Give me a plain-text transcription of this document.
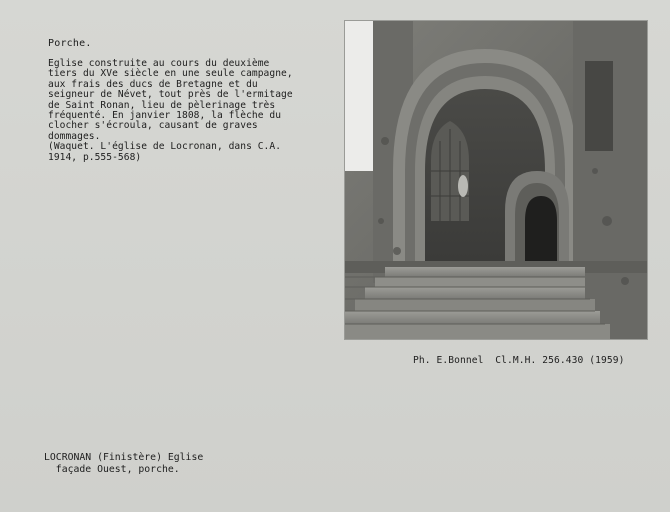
Porche.
Eglise construite au cours du deuxième
tiers du XVe siècle en une seule campagne,
aux frais des ducs de Bretagne et du
seigneur de Névet, tout près de l'ermitage
de Saint Ronan, lieu de pèlerinage très
fréquenté. En janvier 1808, la flèche du
clocher s'écroula, causant de graves
dommages.
(Waquet. L'église de Locronan, dans C.A.
1914, p.555-568)
Ph. E.Bonnel  Cl.M.H. 256.430 (1959)
LOCRONAN (Finistère) Eglise
façade Ouest, porche.
